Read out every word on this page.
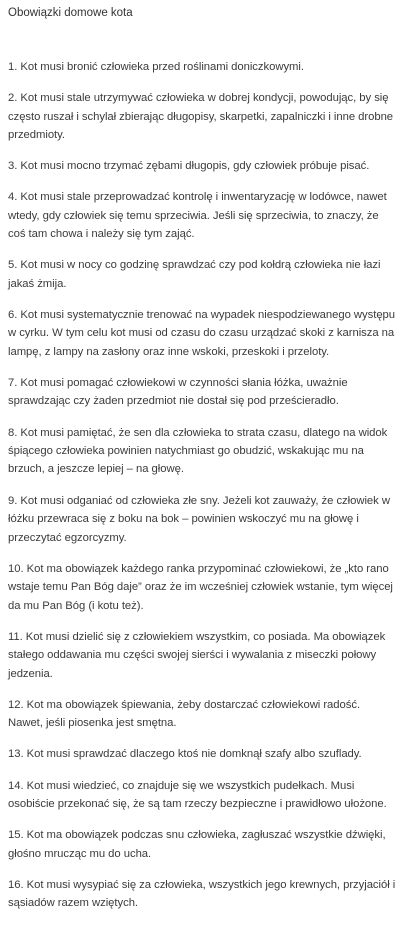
Obowiązki domowe kota
1. Kot musi bronić człowieka przed roślinami doniczkowymi.
2. Kot musi stale utrzymywać człowieka w dobrej kondycji, powodując, by się często ruszał i schylał zbierając długopisy, skarpetki, zapalniczki i inne drobne przedmioty.
3. Kot musi mocno trzymać zębami długopis, gdy człowiek próbuje pisać.
4. Kot musi stale przeprowadzać kontrolę i inwentaryzację w lodówce, nawet wtedy, gdy człowiek się temu sprzeciwia. Jeśli się sprzeciwia, to znaczy, że coś tam chowa i należy się tym zająć.
5. Kot musi w nocy co godzinę sprawdzać czy pod kołdrą człowieka nie łazi jakaś żmija.
6. Kot musi systematycznie trenować na wypadek niespodziewanego występu w cyrku. W tym celu kot musi od czasu do czasu urządzać skoki z karnisza na lampę, z lampy na zasłony oraz inne wskoki, przeskoki i przeloty.
7. Kot musi pomagać człowiekowi w czynności słania łóżka, uważnie sprawdzając czy żaden przedmiot nie dostał się pod prześcieradło.
8. Kot musi pamiętać, że sen dla człowieka to strata czasu, dlatego na widok śpiącego człowieka powinien natychmiast go obudzić, wskakując mu na brzuch, a jeszcze lepiej – na głowę.
9. Kot musi odganiać od człowieka złe sny. Jeżeli kot zauważy, że człowiek w łóżku przewraca się z boku na bok – powinien wskoczyć mu na głowę i przeczytać egzorcyzmy.
10. Kot ma obowiązek każdego ranka przypominać człowiekowi, że „kto rano wstaje temu Pan Bóg daje” oraz że im wcześniej człowiek wstanie, tym więcej da mu Pan Bóg (i kotu też).
11. Kot musi dzielić się z człowiekiem wszystkim, co posiada. Ma obowiązek stałego oddawania mu części swojej sierści i wywalania z miseczki połowy jedzenia.
12. Kot ma obowiązek śpiewania, żeby dostarczać człowiekowi radość. Nawet, jeśli piosenka jest smętna.
13. Kot musi sprawdzać dlaczego ktoś nie domknął szafy albo szuflady.
14. Kot musi wiedzieć, co znajduje się we wszystkich pudełkach. Musi osobiście przekonać się, że są tam rzeczy bezpieczne i prawidłowo ułożone.
15. Kot ma obowiązek podczas snu człowieka, zagłuszać wszystkie dźwięki, głośno mrucząc mu do ucha.
16. Kot musi wysypiać się za człowieka, wszystkich jego krewnych, przyjaciół i sąsiadów razem wziętych.
